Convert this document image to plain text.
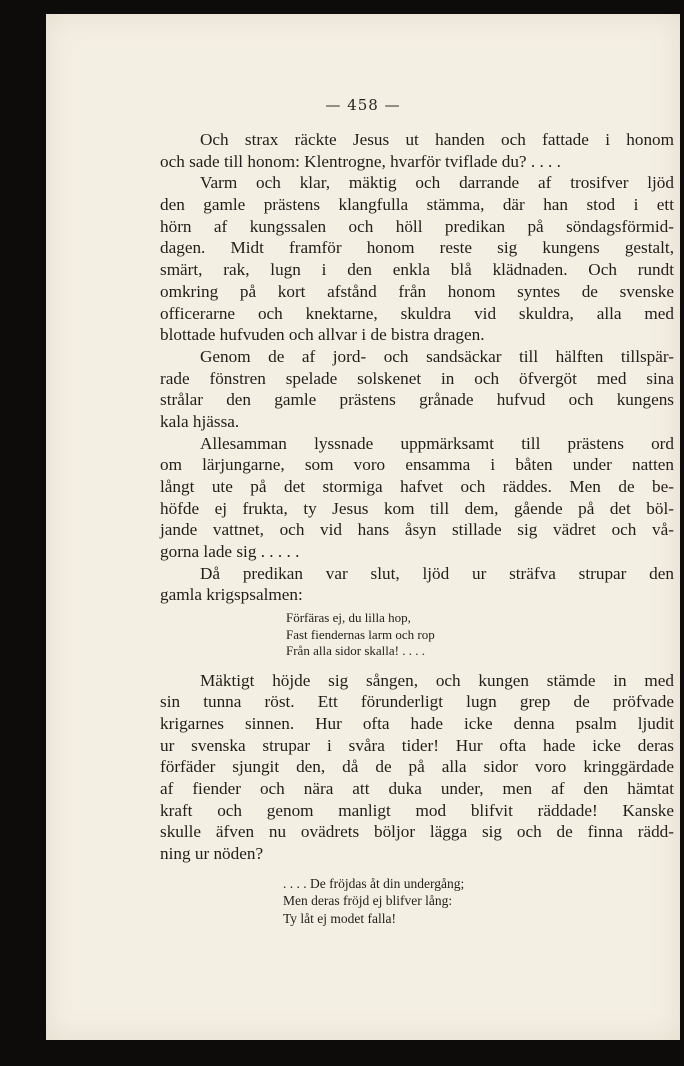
— 458 —
Och strax räckte Jesus ut handen och fattade i honom
och sade till honom: Klentrogne, hvarför tviflade du? . . . .
Varm och klar, mäktig och darrande af trosifver ljöd
den gamle prästens klangfulla stämma, där han stod i ett
hörn af kungssalen och höll predikan på söndagsförmid-
dagen. Midt framför honom reste sig kungens gestalt,
smärt, rak, lugn i den enkla blå klädnaden. Och rundt
omkring på kort afstånd från honom syntes de svenske
officerarne och knektarne, skuldra vid skuldra, alla med
blottade hufvuden och allvar i de bistra dragen.
Genom de af jord- och sandsäckar till hälften tillspär-
rade fönstren spelade solskenet in och öfvergöt med sina
strålar den gamle prästens grånade hufvud och kungens
kala hjässa.
Allesamman lyssnade uppmärksamt till prästens ord
om lärjungarne, som voro ensamma i båten under natten
långt ute på det stormiga hafvet och räddes. Men de be-
höfde ej frukta, ty Jesus kom till dem, gående på det böl-
jande vattnet, och vid hans åsyn stillade sig vädret och vå-
gorna lade sig . . . . .
Då predikan var slut, ljöd ur sträfva strupar den
gamla krigspsalmen:
Förfäras ej, du lilla hop,
Fast fiendernas larm och rop
Från alla sidor skalla! . . . .
Mäktigt höjde sig sången, och kungen stämde in med
sin tunna röst. Ett förunderligt lugn grep de pröfvade
krigarnes sinnen. Hur ofta hade icke denna psalm ljudit
ur svenska strupar i svåra tider! Hur ofta hade icke deras
förfäder sjungit den, då de på alla sidor voro kringgärdade
af fiender och nära att duka under, men af den hämtat
kraft och genom manligt mod blifvit räddade! Kanske
skulle äfven nu ovädrets böljor lägga sig och de finna rädd-
ning ur nöden?
. . . . De fröjdas åt din undergång;
Men deras fröjd ej blifver lång:
Ty låt ej modet falla!
